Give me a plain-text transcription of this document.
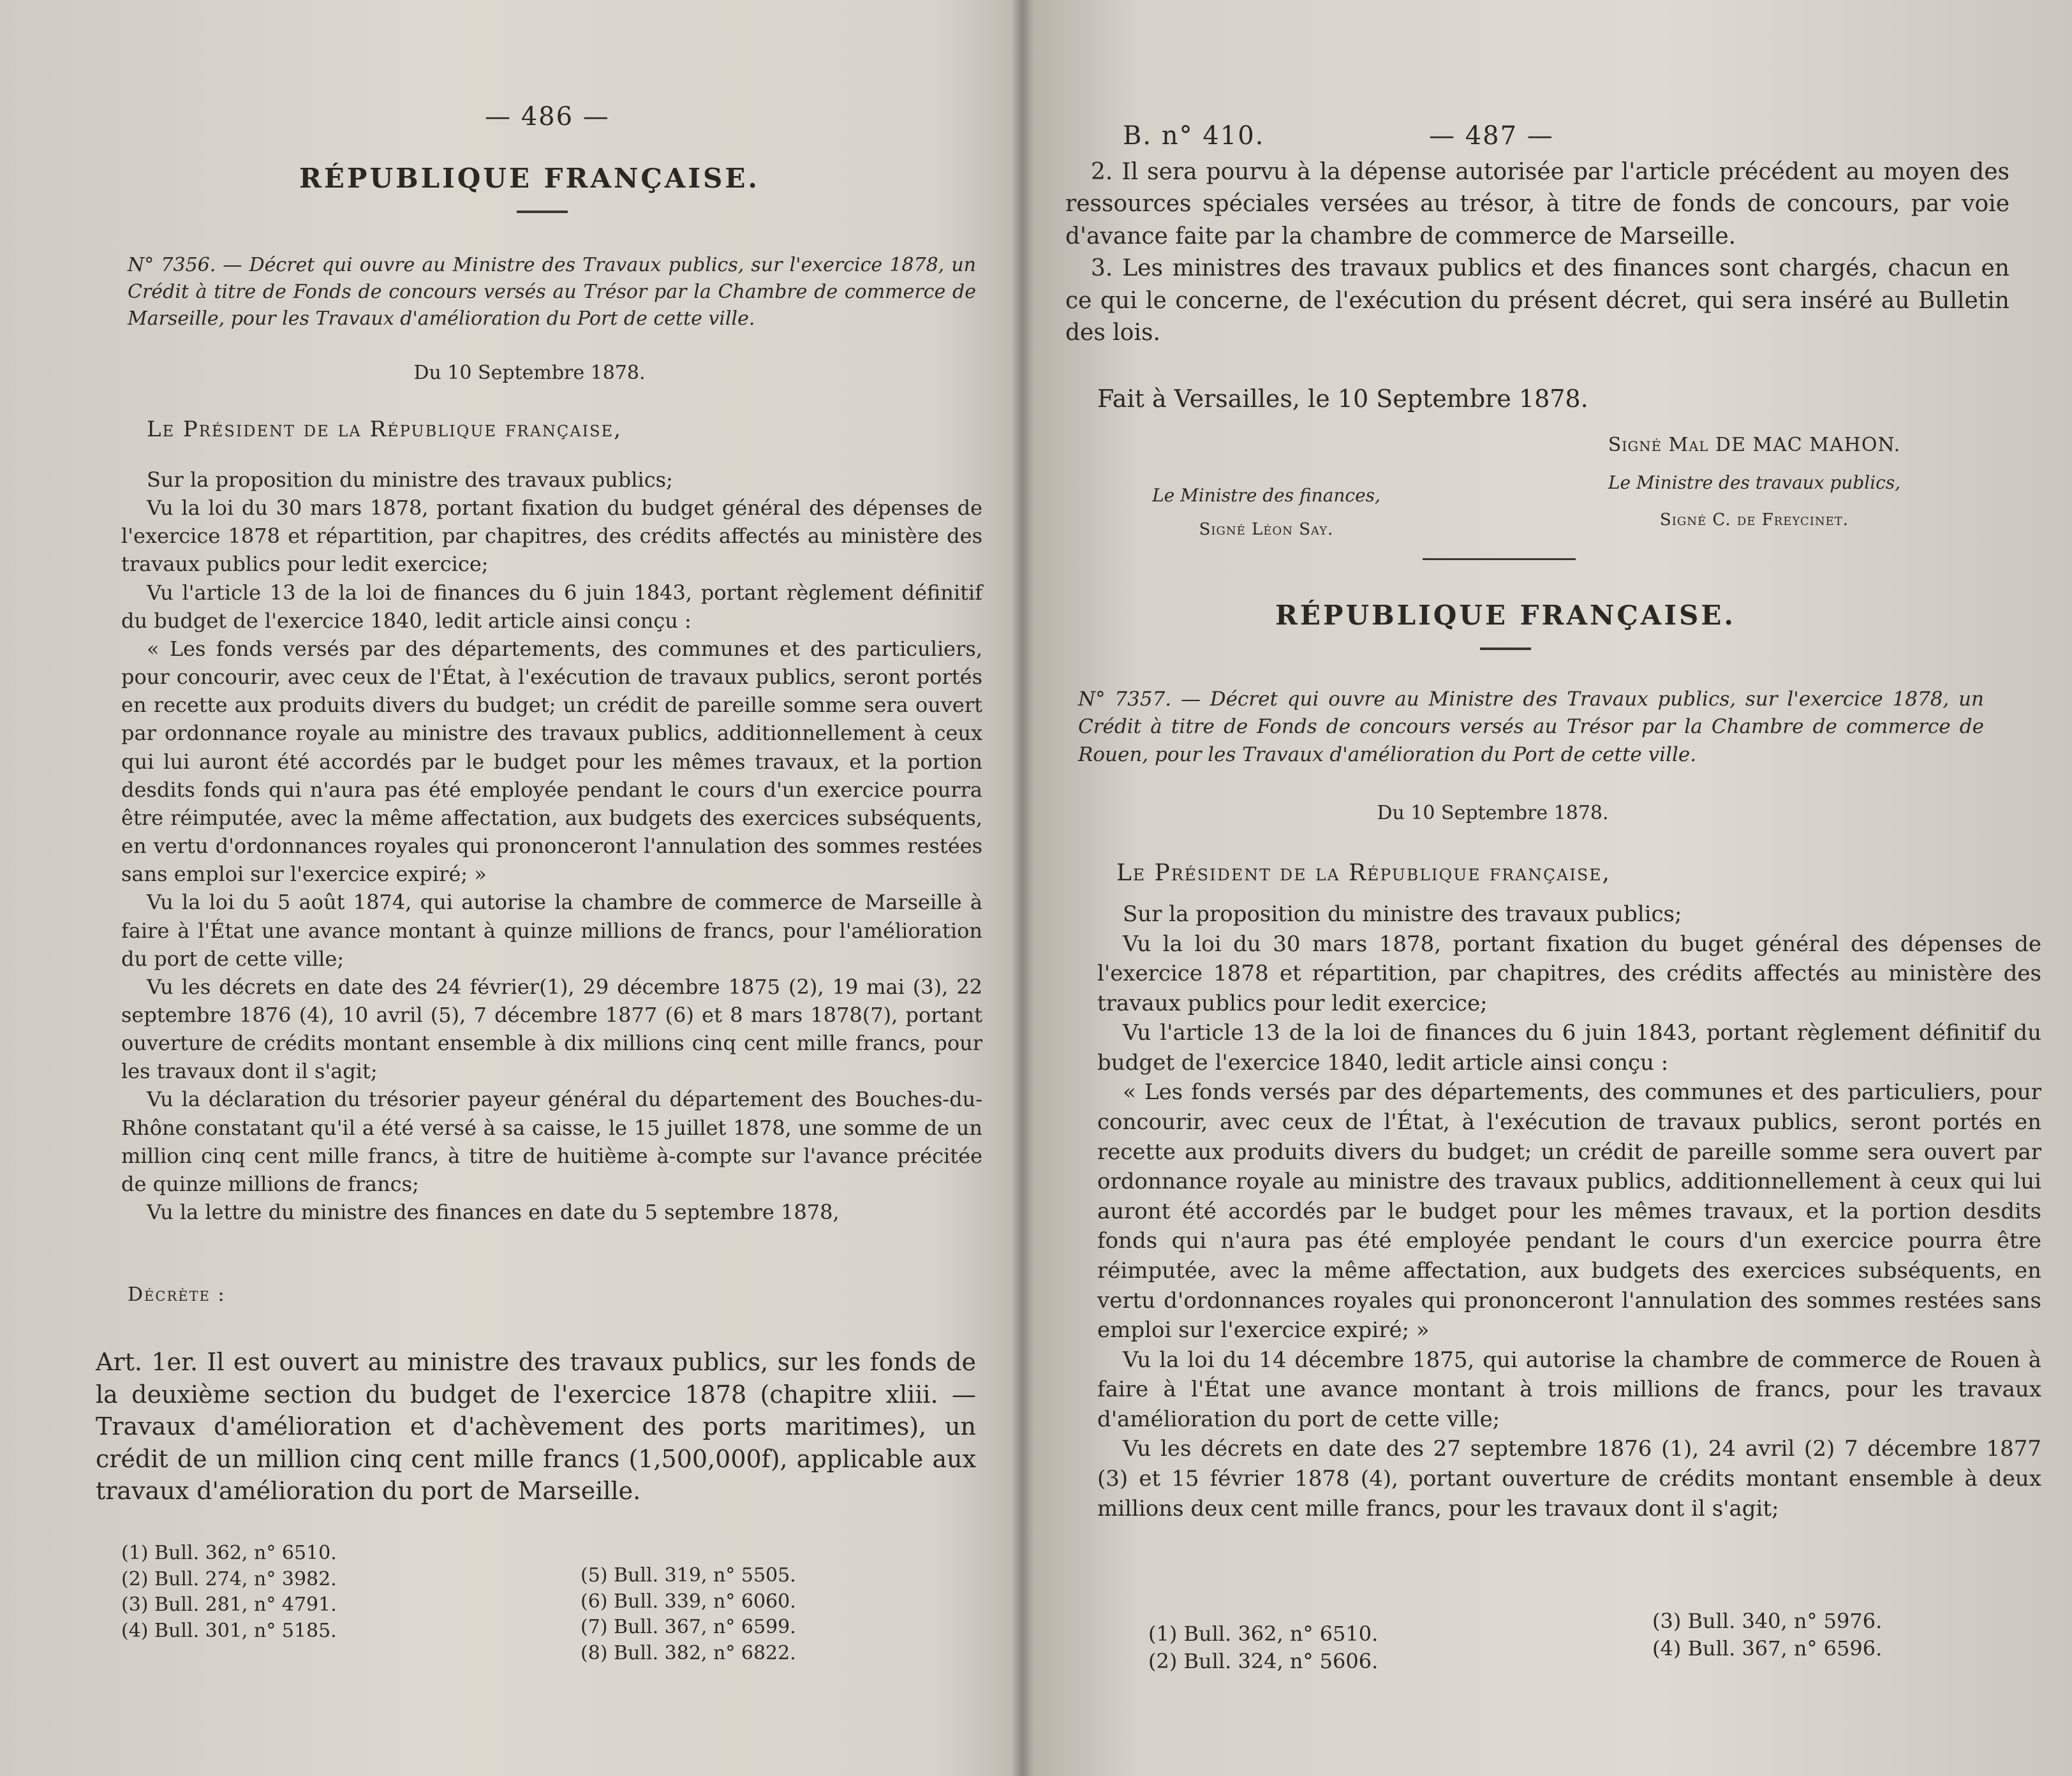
— 486 —
RÉPUBLIQUE FRANÇAISE.
N° 7356. — Décret qui ouvre au Ministre des Travaux publics, sur l'exercice 1878, un Crédit à titre de Fonds de concours versés au Trésor par la Chambre de commerce de Marseille, pour les Travaux d'amélioration du Port de cette ville.
Du 10 Septembre 1878.
Le Président de la République française,

Sur la proposition du ministre des travaux publics;

Vu la loi du 30 mars 1878, portant fixation du budget général des dépenses de l'exercice 1878 et répartition, par chapitres, des crédits affectés au ministère des travaux publics pour ledit exercice;

Vu l'article 13 de la loi de finances du 6 juin 1843, portant règlement définitif du budget de l'exercice 1840, ledit article ainsi conçu :

« Les fonds versés par des départements, des communes et des particuliers, pour concourir, avec ceux de l'État, à l'exécution de travaux publics, seront portés en recette aux produits divers du budget; un crédit de pareille somme sera ouvert par ordonnance royale au ministre des travaux publics, additionnellement à ceux qui lui auront été accordés par le budget pour les mêmes travaux, et la portion desdits fonds qui n'aura pas été employée pendant le cours d'un exercice pourra être réimputée, avec la même affectation, aux budgets des exercices subséquents, en vertu d'ordonnances royales qui prononceront l'annulation des sommes restées sans emploi sur l'exercice expiré; »

Vu la loi du 5 août 1874, qui autorise la chambre de commerce de Marseille à faire à l'État une avance montant à quinze millions de francs, pour l'amélioration du port de cette ville;

Vu les décrets en date des 24 février(1), 29 décembre 1875 (2), 19 mai (3), 22 septembre 1876 (4), 10 avril (5), 7 décembre 1877 (6) et 8 mars 1878(7), portant ouverture de crédits montant ensemble à dix millions cinq cent mille francs, pour les travaux dont il s'agit;

Vu la déclaration du trésorier payeur général du département des Bouches-du-Rhône constatant qu'il a été versé à sa caisse, le 15 juillet 1878, une somme de un million cinq cent mille francs, à titre de huitième à-compte sur l'avance précitée de quinze millions de francs;

Vu la lettre du ministre des finances en date du 5 septembre 1878,

Décrète :
Art. 1er. Il est ouvert au ministre des travaux publics, sur les fonds de la deuxième section du budget de l'exercice 1878 (chapitre xliii. — Travaux d'amélioration et d'achèvement des ports maritimes), un crédit de un million cinq cent mille francs (1,500,000f), applicable aux travaux d'amélioration du port de Marseille.
(1) Bull. 362, n° 6510.
(2) Bull. 274, n° 3982.
(3) Bull. 281, n° 4791.
(4) Bull. 301, n° 5185.
(5) Bull. 319, n° 5505.
(6) Bull. 339, n° 6060.
(7) Bull. 367, n° 6599.
(8) Bull. 382, n° 6822.
B. n° 410.	— 487 —

2. Il sera pourvu à la dépense autorisée par l'article précédent au moyen des ressources spéciales versées au trésor, à titre de fonds de concours, par voie d'avance faite par la chambre de commerce de Marseille.

3. Les ministres des travaux publics et des finances sont chargés, chacun en ce qui le concerne, de l'exécution du présent décret, qui sera inséré au Bulletin des lois.

Fait à Versailles, le 10 Septembre 1878.
Signé Mal DE MAC MAHON.
Le Ministre des finances,
Signé Léon Say.
Le Ministre des travaux publics,
Signé C. de Freycinet.
RÉPUBLIQUE FRANÇAISE.
N° 7357. — Décret qui ouvre au Ministre des Travaux publics, sur l'exercice 1878, un Crédit à titre de Fonds de concours versés au Trésor par la Chambre de commerce de Rouen, pour les Travaux d'amélioration du Port de cette ville.
Du 10 Septembre 1878.
Le Président de la République française,

Sur la proposition du ministre des travaux publics;

Vu la loi du 30 mars 1878, portant fixation du buget général des dépenses de l'exercice 1878 et répartition, par chapitres, des crédits affectés au ministère des travaux publics pour ledit exercice;

Vu l'article 13 de la loi de finances du 6 juin 1843, portant règlement définitif du budget de l'exercice 1840, ledit article ainsi conçu :

« Les fonds versés par des départements, des communes et des particuliers, pour concourir, avec ceux de l'État, à l'exécution de travaux publics, seront portés en recette aux produits divers du budget; un crédit de pareille somme sera ouvert par ordonnance royale au ministre des travaux publics, additionnellement à ceux qui lui auront été accordés par le budget pour les mêmes travaux, et la portion desdits fonds qui n'aura pas été employée pendant le cours d'un exercice pourra être réimputée, avec la même affectation, aux budgets des exercices subséquents, en vertu d'ordonnances royales qui prononceront l'annulation des sommes restées sans emploi sur l'exercice expiré; »

Vu la loi du 14 décembre 1875, qui autorise la chambre de commerce de Rouen à faire à l'État une avance montant à trois millions de francs, pour les travaux d'amélioration du port de cette ville;

Vu les décrets en date des 27 septembre 1876 (1), 24 avril (2) 7 décembre 1877 (3) et 15 février 1878 (4), portant ouverture de crédits montant ensemble à deux millions deux cent mille francs, pour les travaux dont il s'agit;

(1) Bull. 362, n° 6510.
(2) Bull. 324, n° 5606.
(3) Bull. 340, n° 5976.
(4) Bull. 367, n° 6596.
